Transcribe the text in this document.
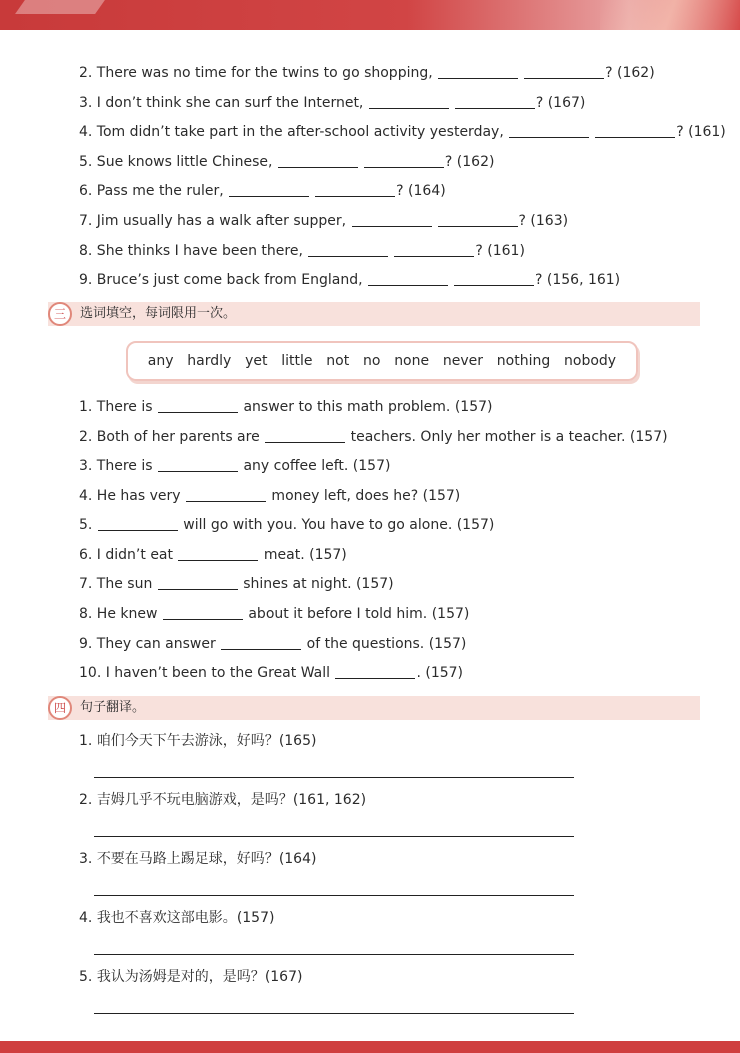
2. There was no time for the twins to go shopping,	? (162)
3. I don’t think she can surf the Internet,	? (167)
4. Tom didn’t take part in the after-school activity yesterday,	? (161)
5. Sue knows little Chinese,	? (162)
6. Pass me the ruler,	? (164)
7. Jim usually has a walk after supper,	? (163)
8. She thinks I have been there,	? (161)
9. Bruce’s just come back from England,	? (156, 161)
三	选词填空，每词限用一次。
any hardly yet little not no none never nothing nobody
1. There is	answer to this math problem. (157)
2. Both of her parents are	teachers. Only her mother is a teacher. (157)
3. There is	any coffee left. (157)
4. He has very	money left, does he? (157)
5.	will go with you. You have to go alone. (157)
6. I didn’t eat	meat. (157)
7. The sun	shines at night. (157)
8. He knew	about it before I told him. (157)
9. They can answer	of the questions. (157)
10. I haven’t been to the Great Wall	. (157)
四	句子翻译。
1. 咱们今天下午去游泳，好吗？(165)
2. 吉姆几乎不玩电脑游戏，是吗？(161, 162)
3. 不要在马路上踢足球，好吗？(164)
4. 我也不喜欢这部电影。(157)
5. 我认为汤姆是对的，是吗？(167)
